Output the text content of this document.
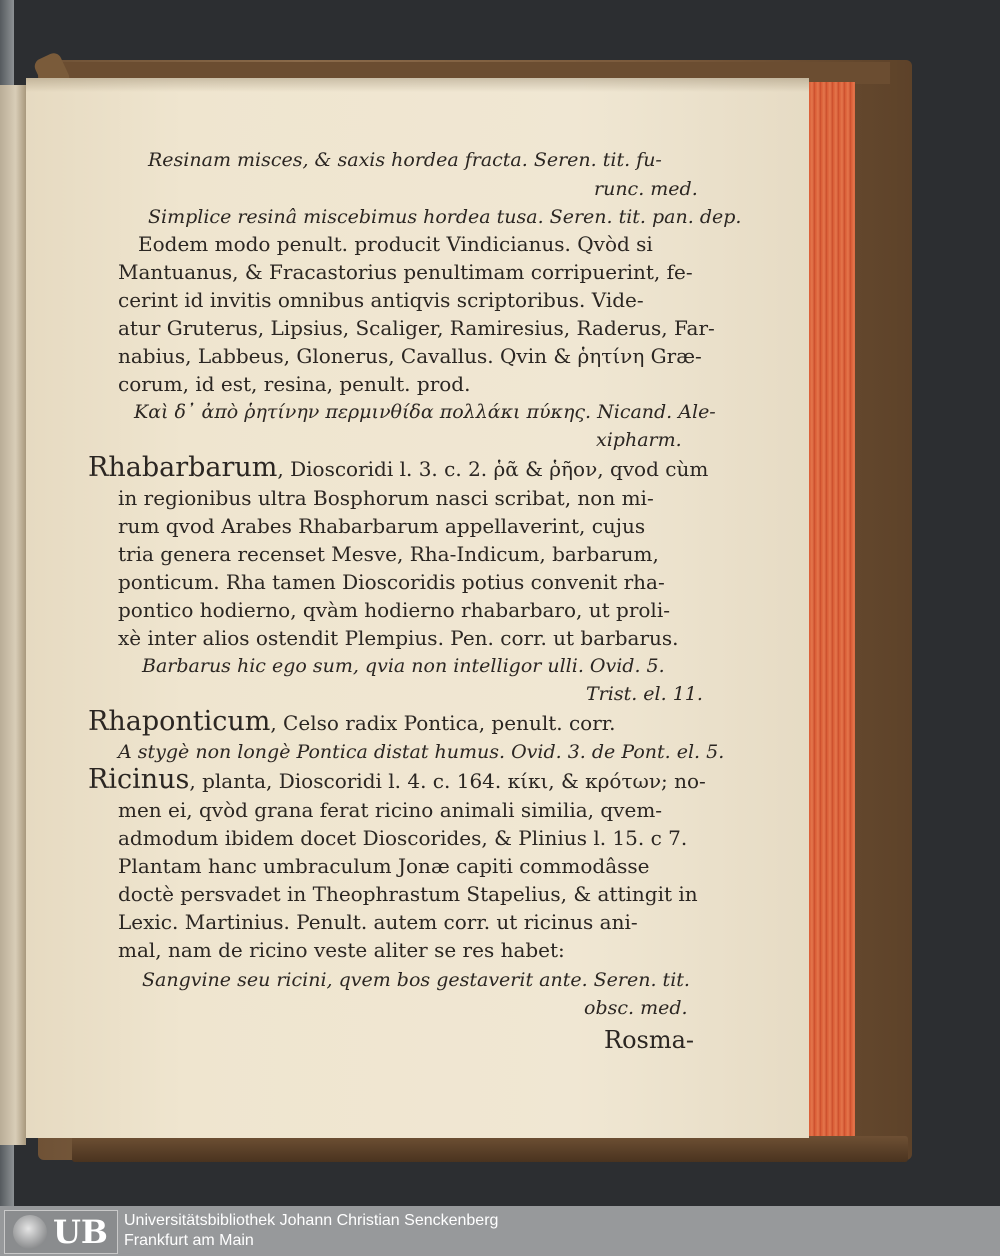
Resinam misces, & saxis hordea fracta. Seren. tit. fu-
runc. med.
Simplice resinâ miscebimus hordea tusa. Seren. tit. pan. dep.
Eodem modo penult. producit Vindicianus. Qvòd si
Mantuanus, & Fracastorius penultimam corripuerint, fe-
cerint id invitis omnibus antiqvis scriptoribus. Vide-
atur Gruterus, Lipsius, Scaliger, Ramiresius, Raderus, Far-
nabius, Labbeus, Glonerus, Cavallus. Qvin & ῥητίνη Græ-
corum, id est, resina, penult. prod.
Καὶ δ᾽ ἀπὸ ῥητίνην περμινθίδα πολλάκι πύκης. Nicand. Ale-
xipharm.
Rhabarbarum, Dioscoridi l. 3. c. 2. ῥᾶ & ῥῆον, qvod cùm
in regionibus ultra Bosphorum nasci scribat, non mi-
rum qvod Arabes Rhabarbarum appellaverint, cujus
tria genera recenset Mesve, Rha-Indicum, barbarum,
ponticum. Rha tamen Dioscoridis potius convenit rha-
pontico hodierno, qvàm hodierno rhabarbaro, ut proli-
xè inter alios ostendit Plempius. Pen. corr. ut barbarus.
Barbarus hic ego sum, qvia non intelligor ulli. Ovid. 5.
Trist. el. 11.
Rhaponticum, Celso radix Pontica, penult. corr.
A stygè non longè Pontica distat humus. Ovid. 3. de Pont. el. 5.
Ricinus, planta, Dioscoridi l. 4. c. 164. κίκι, & κρότων; no-
men ei, qvòd grana ferat ricino animali similia, qvem-
admodum ibidem docet Dioscorides, & Plinius l. 15. c 7.
Plantam hanc umbraculum Jonæ capiti commodâsse
doctè persvadet in Theophrastum Stapelius, & attingit in
Lexic. Martinius. Penult. autem corr. ut ricinus ani-
mal, nam de ricino veste aliter se res habet:
Sangvine seu ricini, qvem bos gestaverit ante. Seren. tit.
obsc. med.
Rosma-
UB Universitätsbibliothek Johann Christian Senckenberg
Frankfurt am Main
